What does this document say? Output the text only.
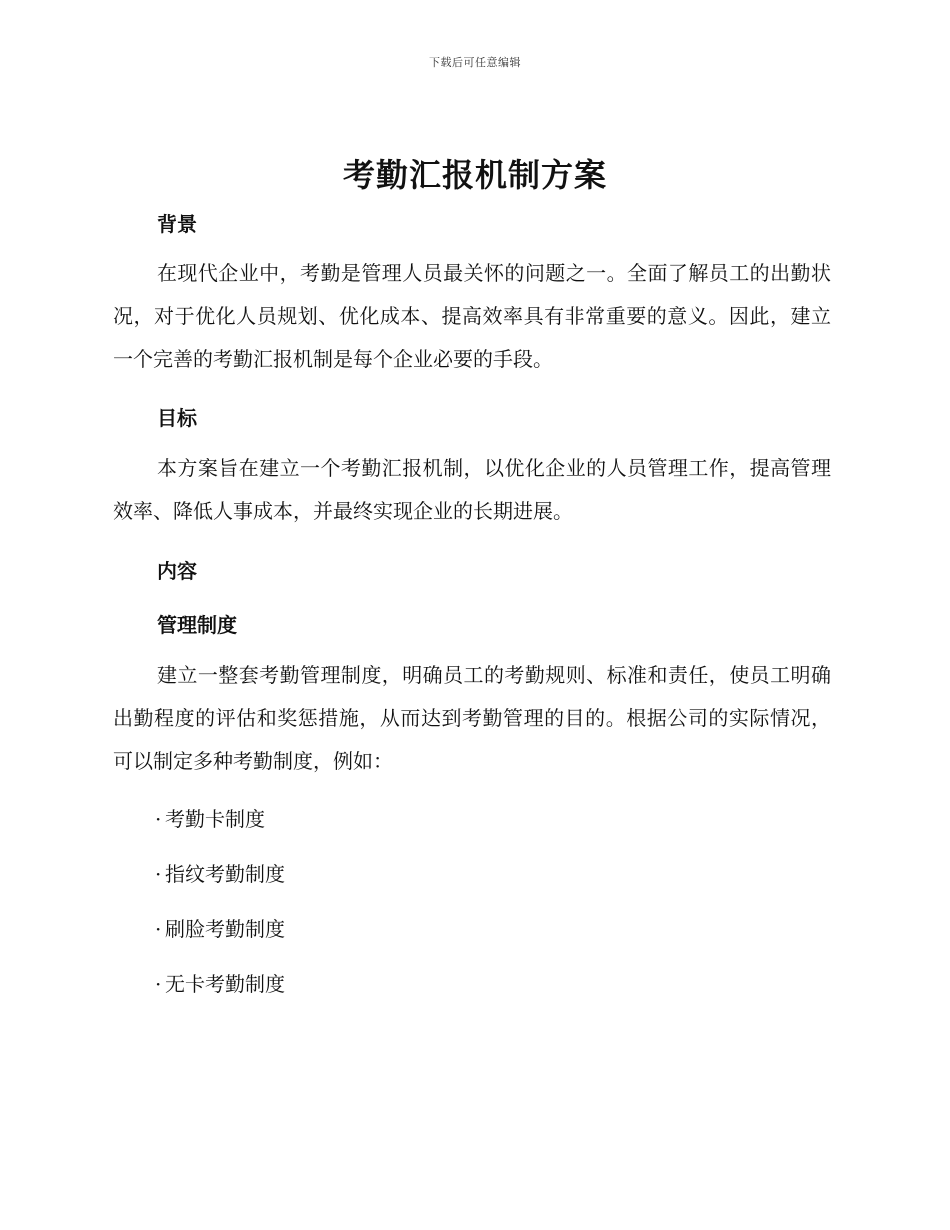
下载后可任意编辑
考勤汇报机制方案
背景

在现代企业中，考勤是管理人员最关怀的问题之一。全面了解员工的出勤状况，对于优化人员规划、优化成本、提高效率具有非常重要的意义。因此，建立一个完善的考勤汇报机制是每个企业必要的手段。

目标

本方案旨在建立一个考勤汇报机制，以优化企业的人员管理工作，提高管理效率、降低人事成本，并最终实现企业的长期进展。

内容
管理制度

建立一整套考勤管理制度，明确员工的考勤规则、标准和责任，使员工明确出勤程度的评估和奖惩措施，从而达到考勤管理的目的。根据公司的实际情况，可以制定多种考勤制度，例如：

· 考勤卡制度
· 指纹考勤制度
· 刷脸考勤制度
· 无卡考勤制度
